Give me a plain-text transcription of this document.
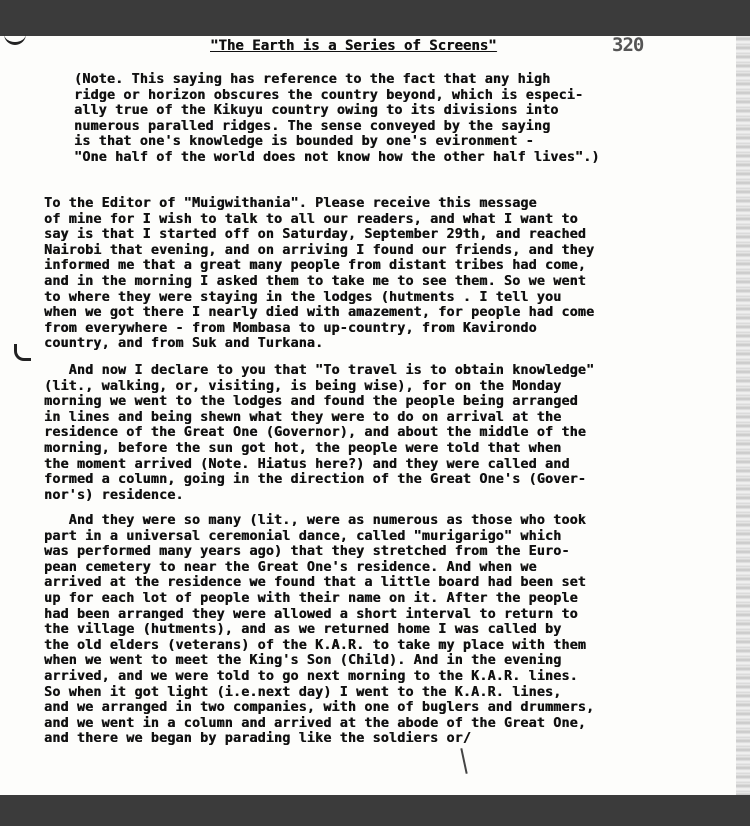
"The Earth is a Series of Screens"	320
(Note. This saying has reference to the fact that any high
ridge or horizon obscures the country beyond, which is especi-
ally true of the Kikuyu country owing to its divisions into
numerous paralled ridges. The sense conveyed by the saying
is that one's knowledge is bounded by one's evironment -
"One half of the world does not know how the other half lives".)
To the Editor of "Muigwithania". Please receive this message
of mine for I wish to talk to all our readers, and what I want to
say is that I started off on Saturday, September 29th, and reached
Nairobi that evening, and on arriving I found our friends, and they
informed me that a great many people from distant tribes had come,
and in the morning I asked them to take me to see them. So we went
to where they were staying in the lodges (hutments . I tell you
when we got there I nearly died with amazement, for people had come
from everywhere - from Mombasa to up-country, from Kavirondo
country, and from Suk and Turkana.
And now I declare to you that "To travel is to obtain knowledge"
(lit., walking, or, visiting, is being wise), for on the Monday
morning we went to the lodges and found the people being arranged
in lines and being shewn what they were to do on arrival at the
residence of the Great One (Governor), and about the middle of the
morning, before the sun got hot, the people were told that when
the moment arrived (Note. Hiatus here?) and they were called and
formed a column, going in the direction of the Great One's (Gover-
nor's) residence.
And they were so many (lit., were as numerous as those who took
part in a universal ceremonial dance, called "murigarigo" which
was performed many years ago) that they stretched from the Euro-
pean cemetery to near the Great One's residence. And when we
arrived at the residence we found that a little board had been set
up for each lot of people with their name on it. After the people
had been arranged they were allowed a short interval to return to
the village (hutments), and as we returned home I was called by
the old elders (veterans) of the K.A.R. to take my place with them
when we went to meet the King's Son (Child). And in the evening
arrived, and we were told to go next morning to the K.A.R. lines.
So when it got light (i.e.next day) I went to the K.A.R. lines,
and we arranged in two companies, with one of buglers and drummers,
and we went in a column and arrived at the abode of the Great One,
and there we began by parading like the soldiers or/
